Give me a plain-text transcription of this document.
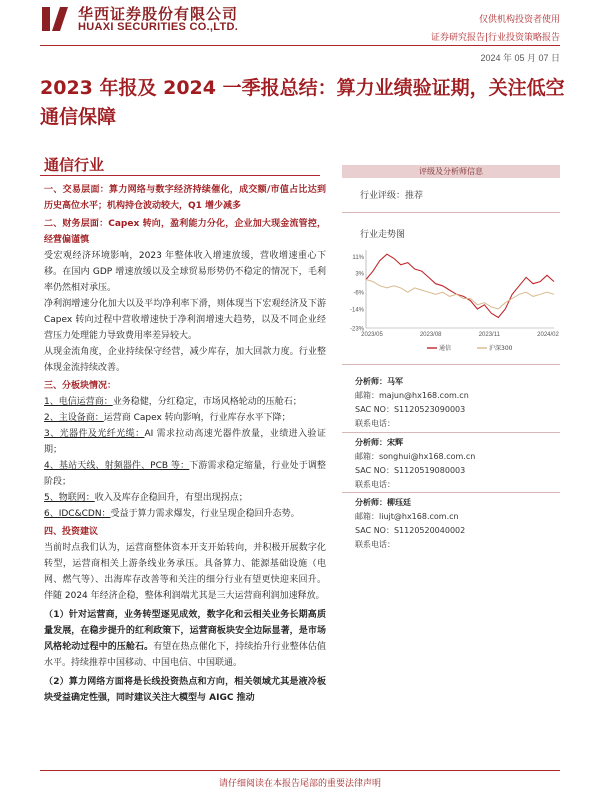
华西证券股份有限公司
HUAXI SECURITIES CO.,LTD.
仅供机构投资者使用
证券研究报告|行业投资策略报告
2024 年 05 月 07 日
2023 年报及 2024 一季报总结：算力业绩验证期，关注低空通信保障
通信行业

一、交易层面：算力网络与数字经济持续催化，成交额/市值占比达到历史高位水平；机构持仓波动较大，Q1 增少减多

二、财务层面：Capex 转向，盈利能力分化，企业加大现金流管控，经营偏谨慎

受宏观经济环境影响，2023 年整体收入增速放缓，营收增速重心下移。在国内 GDP 增速放缓以及全球贸易形势仍不稳定的情况下，毛利率仍然相对承压。

净利润增速分化加大以及平均净利率下滑，则体现当下宏观经济及下游 Capex 转向过程中营收增速快于净利润增速大趋势，以及不同企业经营压力处理能力导致费用率差异较大。

从现金流角度，企业持续保守经营，减少库存，加大回款力度。行业整体现金流持续改善。

三、分板块情况：

1、电信运营商：业务稳健，分红稳定，市场风格轮动的压舱石；

2、主设备商：运营商 Capex 转向影响，行业库存水平下降；

3、光器件及光纤光缆：AI 需求拉动高速光器件放量，业绩进入验证期；

4、基站天线、射频器件、PCB 等：下游需求稳定缩量，行业处于调整阶段；

5、物联网：收入及库存企稳回升，有望出现拐点；

6、IDC&CDN：受益于算力需求爆发，行业呈现企稳回升态势。

四、投资建议

当前时点我们认为，运营商整体资本开支开始转向，并积极开展数字化转型，运营商相关上游条线业务承压。具备算力、能源基础设施（电网、燃气等）、出海库存改善等和关注的细分行业有望更快迎来回升。伴随 2024 年经济企稳，整体利润端尤其是三大运营商利润加速释放。

（1）针对运营商，业务转型逐见成效，数字化和云相关业务长期高质量发展，在稳步提升的红利政策下，运营商板块安全边际显著，是市场风格轮动过程中的压舱石。有望在热点催化下，持续抬升行业整体估值水平。持续推荐中国移动、中国电信、中国联通。

（2）算力网络方面将是长线投资热点和方向，相关领域尤其是液冷板块受益确定性强，同时建议关注大模型与 AIGC 推动

评级及分析师信息
行业评级：推荐
行业走势图
11%
3%
-6%
-14%
-23%
2023/05	2023/08	2023/11	2024/02
通信	沪深300
分析师：马军
邮箱：majun@hx168.com.cn
SAC NO：S1120523090003
联系电话：
分析师：宋辉
邮箱：songhui@hx168.com.cn
SAC NO：S1120519080003
联系电话：
分析师：柳珏廷
邮箱：liujt@hx168.com.cn
SAC NO：S1120520040002
联系电话：
请仔细阅读在本报告尾部的重要法律声明
